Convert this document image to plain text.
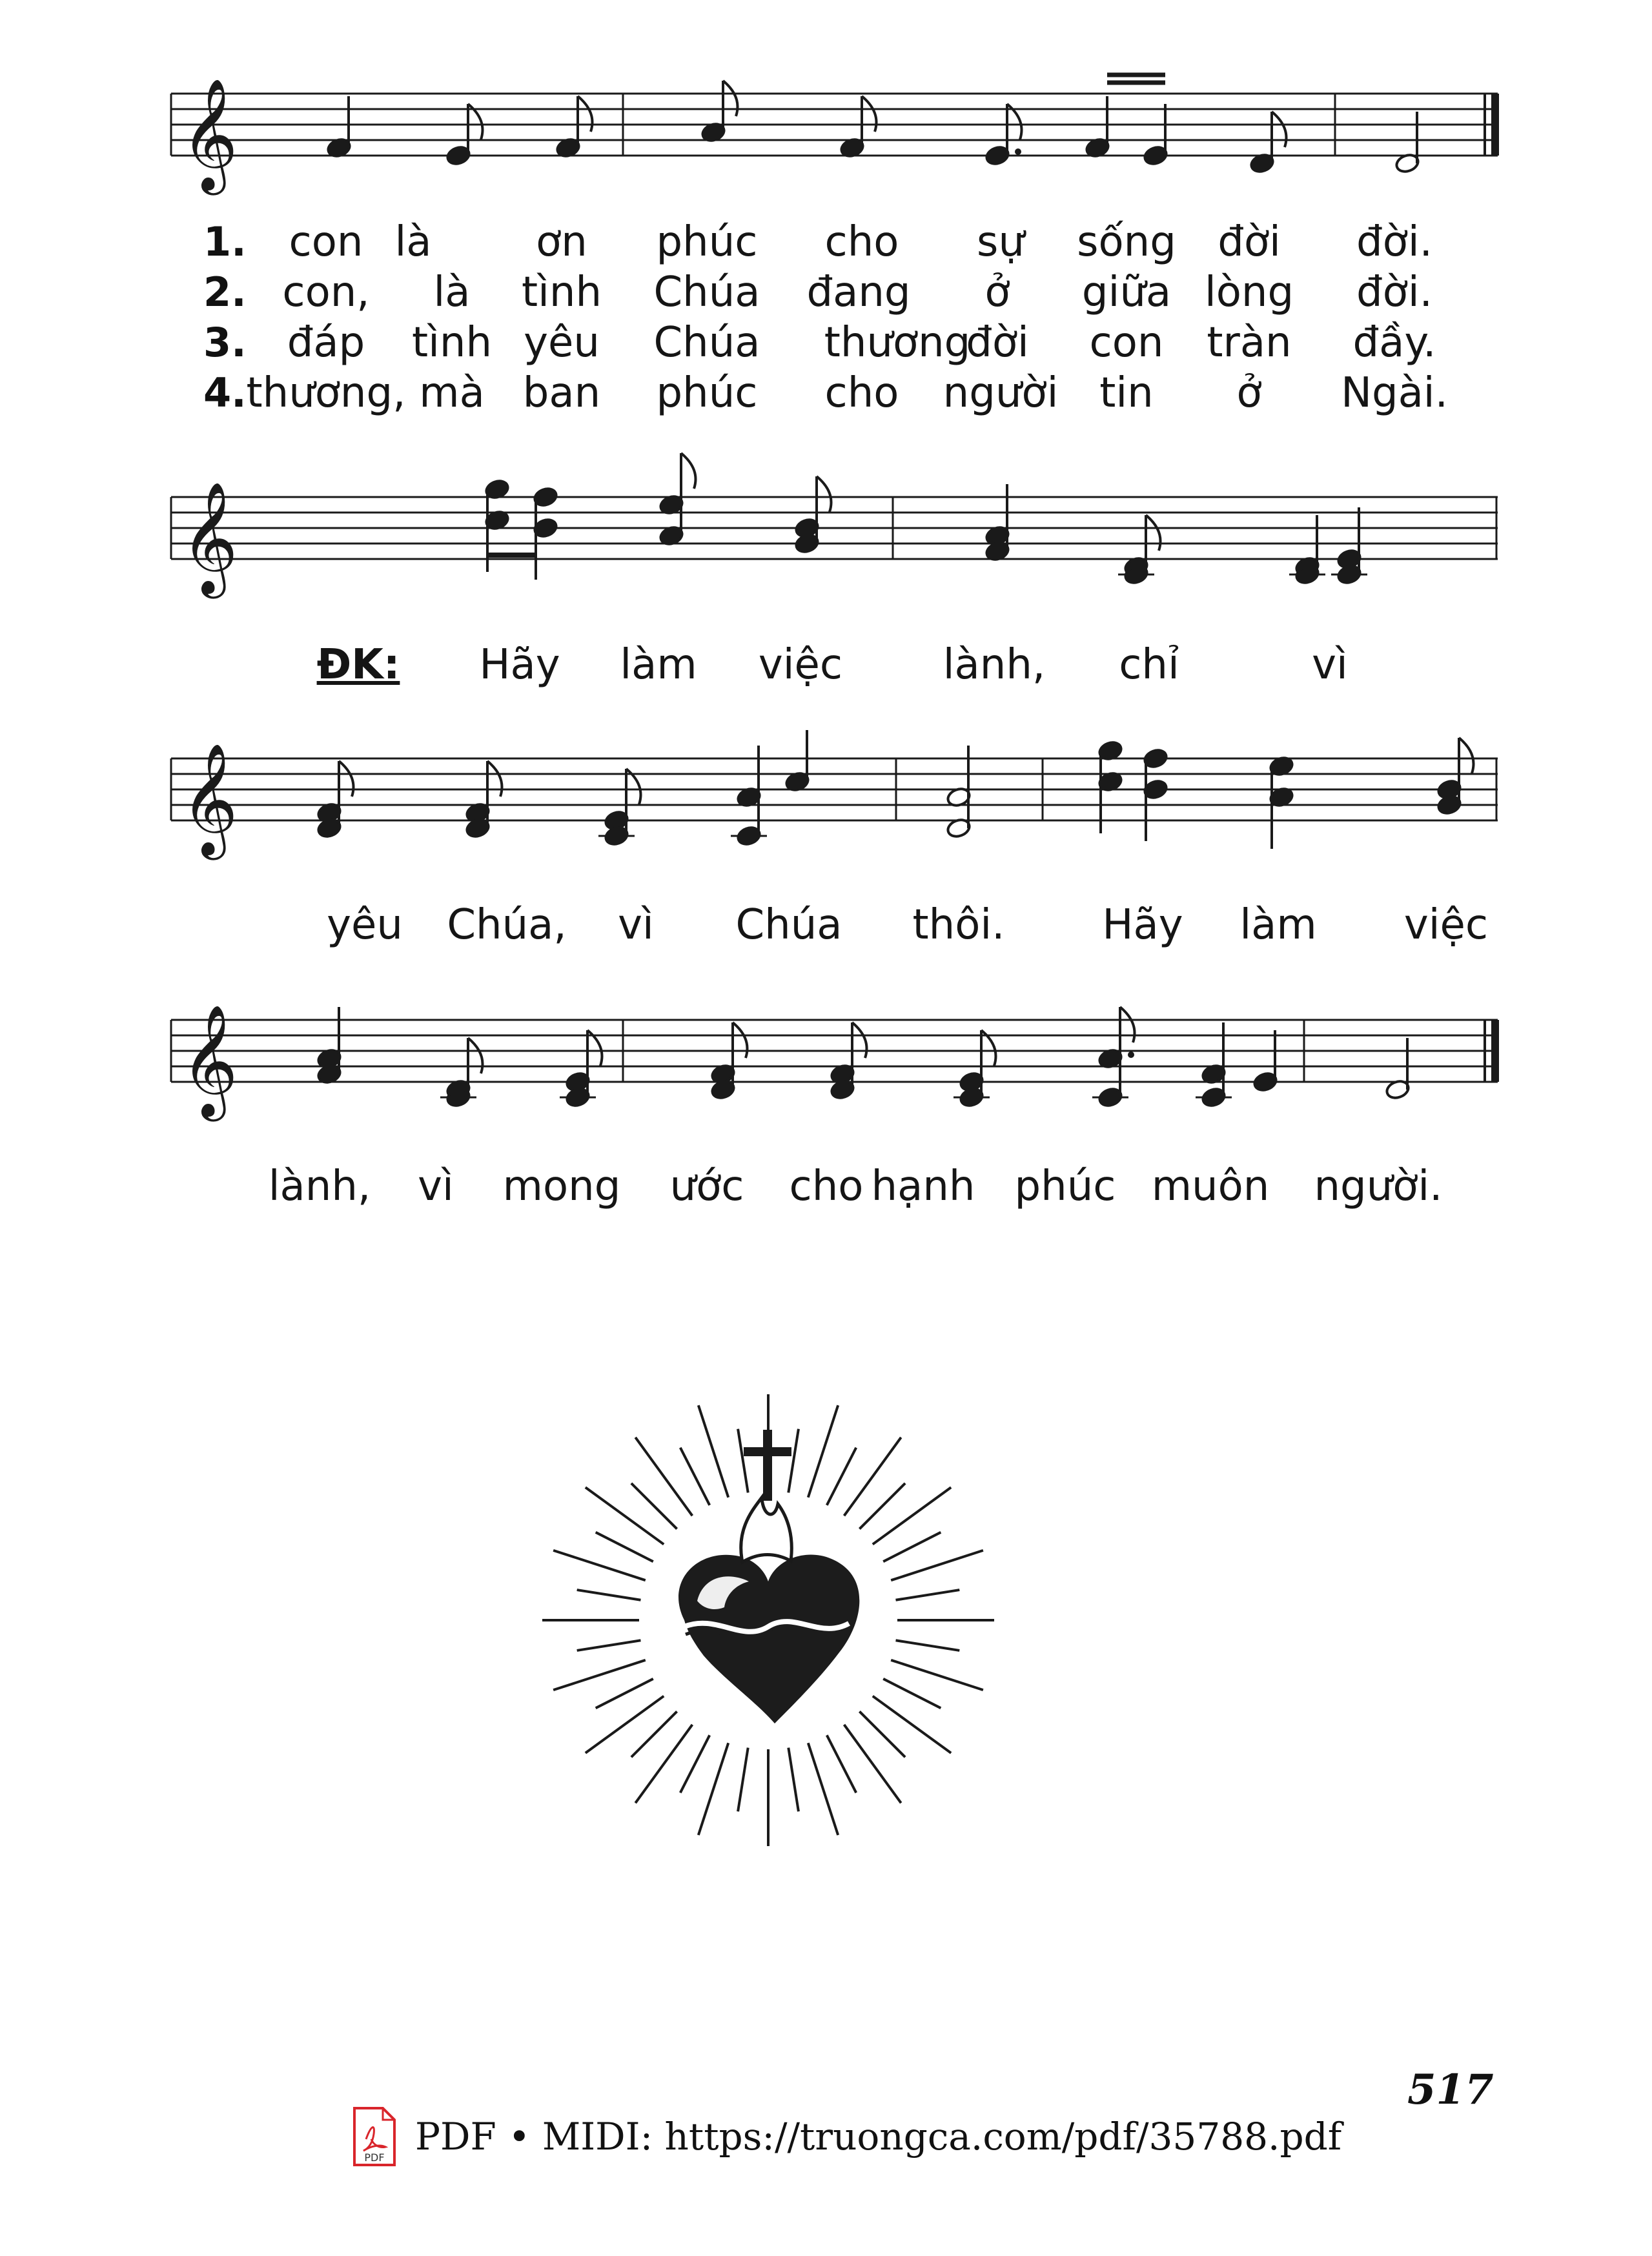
𝄞
𝄞
𝄞
𝄞
1. con là	ơn phúc cho sự sống đời đời.
2. con, là tình Chúa đang ở giữa lòng đời.
3. đáp tình yêu Chúa thương
đời con tràn đầy.
4. thương, mà ban phúc cho người tin ở Ngài.
ĐK: Hãy làm việc lành, chỉ	vì
yêu Chúa, vì Chúa thôi. Hãy làm việc
lành, vì mong ước cho hạnh phúc muôn người.
517
PDF PDF • MIDI: https://truongca.com/pdf/35788.pdf
